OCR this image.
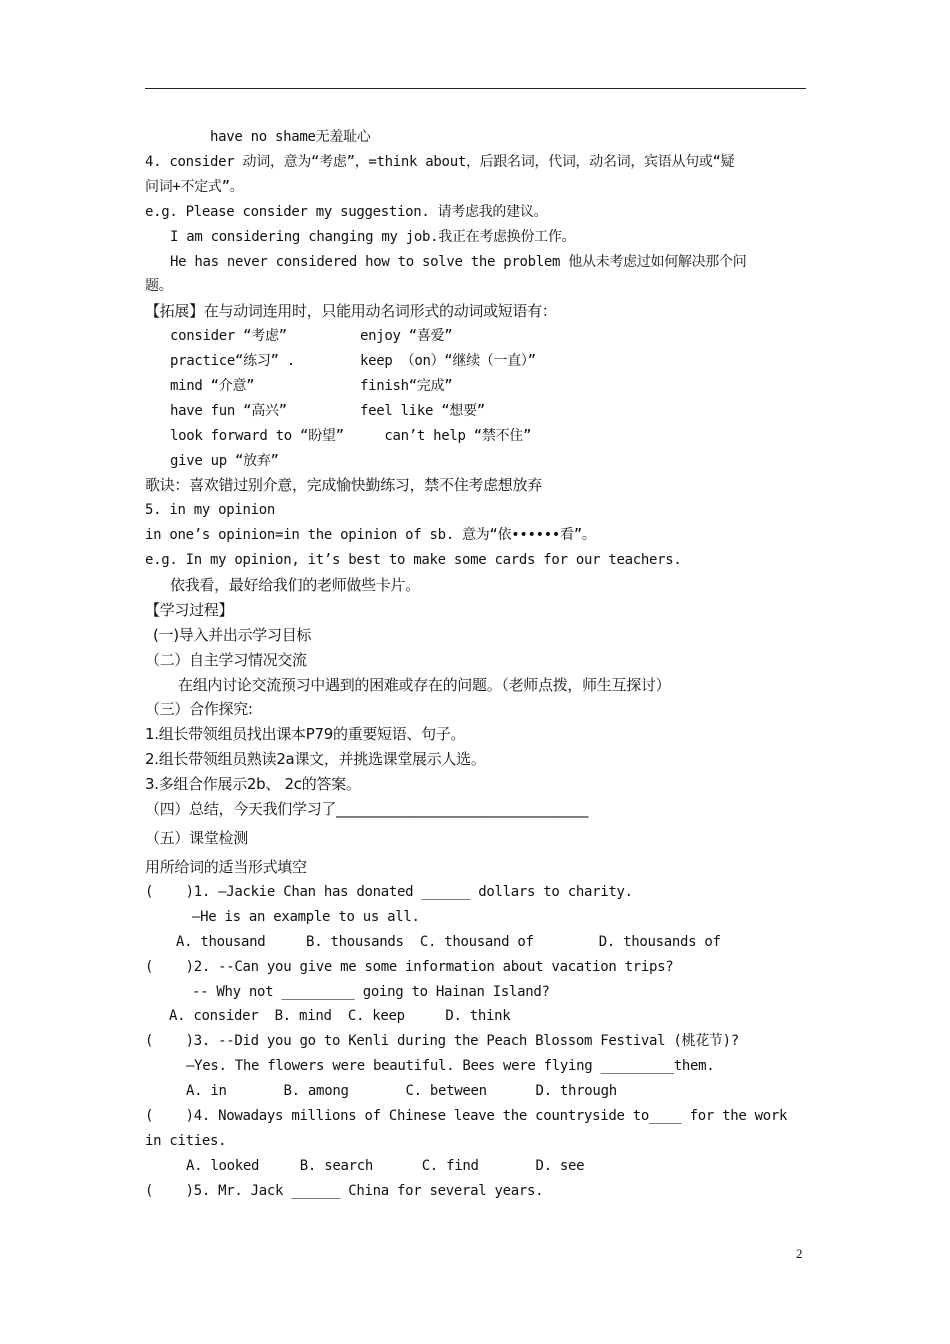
have no shame无羞耻心
4. consider 动词，意为“考虑”，=think about，后跟名词，代词，动名词，宾语从句或“疑
问词+不定式”。
e.g. Please consider my suggestion. 请考虑我的建议。
I am considering changing my job.我正在考虑换份工作。
He has never considered how to solve the problem 他从未考虑过如何解决那个问
题。
【拓展】在与动词连用时，只能用动名词形式的动词或短语有：
consider “考虑”         enjoy “喜爱”
practice“练习” .        keep （on）“继续（一直）”
mind “介意”             finish“完成”
have fun “高兴”         feel like “想要”
look forward to “盼望”     can’t help “禁不住”
give up “放弃”
歌诀：喜欢错过别介意，完成愉快勤练习，禁不住考虑想放弃
5. in my opinion
in one’s opinion=in the opinion of sb. 意为“依••••••看”。
e.g. In my opinion, it’s best to make some cards for our teachers.
依我看，最好给我们的老师做些卡片。
【学习过程】
(一)导入并出示学习目标
（二）自主学习情况交流
在组内讨论交流预习中遇到的困难或存在的问题。（老师点拨，师生互探讨）
（三）合作探究:
1.组长带领组员找出课本P79的重要短语、句子。
2.组长带领组员熟读2a课文，并挑选课堂展示人选。
3.多组合作展示2b、 2c的答案。
（四）总结，今天我们学习了___________________________________
（五）课堂检测
用所给词的适当形式填空
(    )1. —Jackie Chan has donated ______ dollars to charity.
—He is an example to us all.
A. thousand     B. thousands  C. thousand of        D. thousands of
(    )2. --Can you give me some information about vacation trips?
-- Why not _________ going to Hainan Island?
A. consider  B. mind  C. keep     D. think
(    )3. --Did you go to Kenli during the Peach Blossom Festival (桃花节)?
—Yes. The flowers were beautiful. Bees were flying _________them.
A. in       B. among       C. between      D. through
(    )4. Nowadays millions of Chinese leave the countryside to____ for the work
in cities.
A. looked     B. search      C. find       D. see
(    )5. Mr. Jack ______ China for several years.
2
